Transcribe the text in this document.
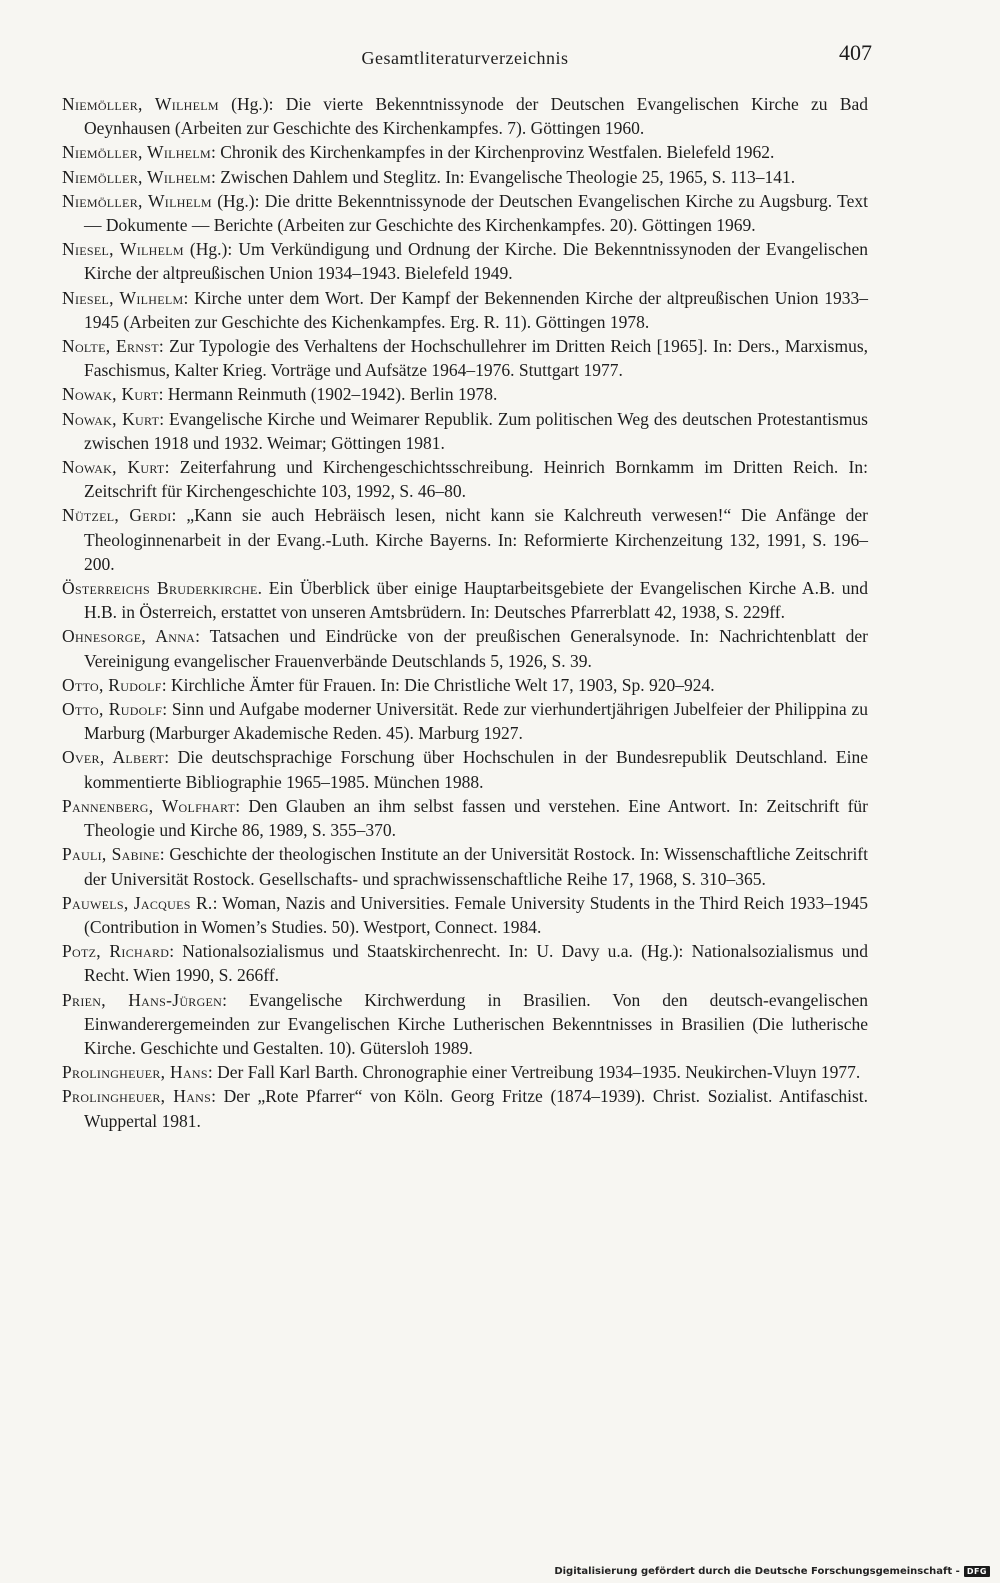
Gesamtliteraturverzeichnis	407

Niemöller, Wilhelm (Hg.): Die vierte Bekenntnissynode der Deutschen Evangelischen Kirche zu Bad Oeynhausen (Arbeiten zur Geschichte des Kirchenkampfes. 7). Göttingen 1960.

Niemöller, Wilhelm: Chronik des Kirchenkampfes in der Kirchenprovinz Westfalen. Bielefeld 1962.

Niemöller, Wilhelm: Zwischen Dahlem und Steglitz. In: Evangelische Theologie 25, 1965, S. 113–141.

Niemöller, Wilhelm (Hg.): Die dritte Bekenntnissynode der Deutschen Evangelischen Kirche zu Augsburg. Text — Dokumente — Berichte (Arbeiten zur Geschichte des Kirchenkampfes. 20). Göttingen 1969.

Niesel, Wilhelm (Hg.): Um Verkündigung und Ordnung der Kirche. Die Bekenntnissynoden der Evangelischen Kirche der altpreußischen Union 1934–1943. Bielefeld 1949.

Niesel, Wilhelm: Kirche unter dem Wort. Der Kampf der Bekennenden Kirche der altpreußischen Union 1933–1945 (Arbeiten zur Geschichte des Kichenkampfes. Erg. R. 11). Göttingen 1978.

Nolte, Ernst: Zur Typologie des Verhaltens der Hochschullehrer im Dritten Reich [1965]. In: Ders., Marxismus, Faschismus, Kalter Krieg. Vorträge und Aufsätze 1964–1976. Stuttgart 1977.

Nowak, Kurt: Hermann Reinmuth (1902–1942). Berlin 1978.

Nowak, Kurt: Evangelische Kirche und Weimarer Republik. Zum politischen Weg des deutschen Protestantismus zwischen 1918 und 1932. Weimar; Göttingen 1981.

Nowak, Kurt: Zeiterfahrung und Kirchengeschichtsschreibung. Heinrich Bornkamm im Dritten Reich. In: Zeitschrift für Kirchengeschichte 103, 1992, S. 46–80.

Nützel, Gerdi: „Kann sie auch Hebräisch lesen, nicht kann sie Kalchreuth verwesen!“ Die Anfänge der Theologinnenarbeit in der Evang.-Luth. Kirche Bayerns. In: Reformierte Kirchenzeitung 132, 1991, S. 196–200.

Österreichs Bruderkirche. Ein Überblick über einige Hauptarbeitsgebiete der Evangelischen Kirche A.B. und H.B. in Österreich, erstattet von unseren Amtsbrüdern. In: Deutsches Pfarrerblatt 42, 1938, S. 229ff.

Ohnesorge, Anna: Tatsachen und Eindrücke von der preußischen Generalsynode. In: Nachrichtenblatt der Vereinigung evangelischer Frauenverbände Deutschlands 5, 1926, S. 39.

Otto, Rudolf: Kirchliche Ämter für Frauen. In: Die Christliche Welt 17, 1903, Sp. 920–924.

Otto, Rudolf: Sinn und Aufgabe moderner Universität. Rede zur vierhundertjährigen Jubelfeier der Philippina zu Marburg (Marburger Akademische Reden. 45). Marburg 1927.

Over, Albert: Die deutschsprachige Forschung über Hochschulen in der Bundesrepublik Deutschland. Eine kommentierte Bibliographie 1965–1985. München 1988.

Pannenberg, Wolfhart: Den Glauben an ihm selbst fassen und verstehen. Eine Antwort. In: Zeitschrift für Theologie und Kirche 86, 1989, S. 355–370.

Pauli, Sabine: Geschichte der theologischen Institute an der Universität Rostock. In: Wissenschaftliche Zeitschrift der Universität Rostock. Gesellschafts- und sprachwissenschaftliche Reihe 17, 1968, S. 310–365.

Pauwels, Jacques R.: Woman, Nazis and Universities. Female University Students in the Third Reich 1933–1945 (Contribution in Women’s Studies. 50). Westport, Connect. 1984.

Potz, Richard: Nationalsozialismus und Staatskirchenrecht. In: U. Davy u.a. (Hg.): Nationalsozialismus und Recht. Wien 1990, S. 266ff.

Prien, Hans-Jürgen: Evangelische Kirchwerdung in Brasilien. Von den deutsch-evangelischen Einwanderergemeinden zur Evangelischen Kirche Lutherischen Bekenntnisses in Brasilien (Die lutherische Kirche. Geschichte und Gestalten. 10). Gütersloh 1989.

Prolingheuer, Hans: Der Fall Karl Barth. Chronographie einer Vertreibung 1934–1935. Neukirchen-Vluyn 1977.

Prolingheuer, Hans: Der „Rote Pfarrer“ von Köln. Georg Fritze (1874–1939). Christ. Sozialist. Antifaschist. Wuppertal 1981.

Digitalisierung gefördert durch die Deutsche Forschungsgemeinschaft - DFG
